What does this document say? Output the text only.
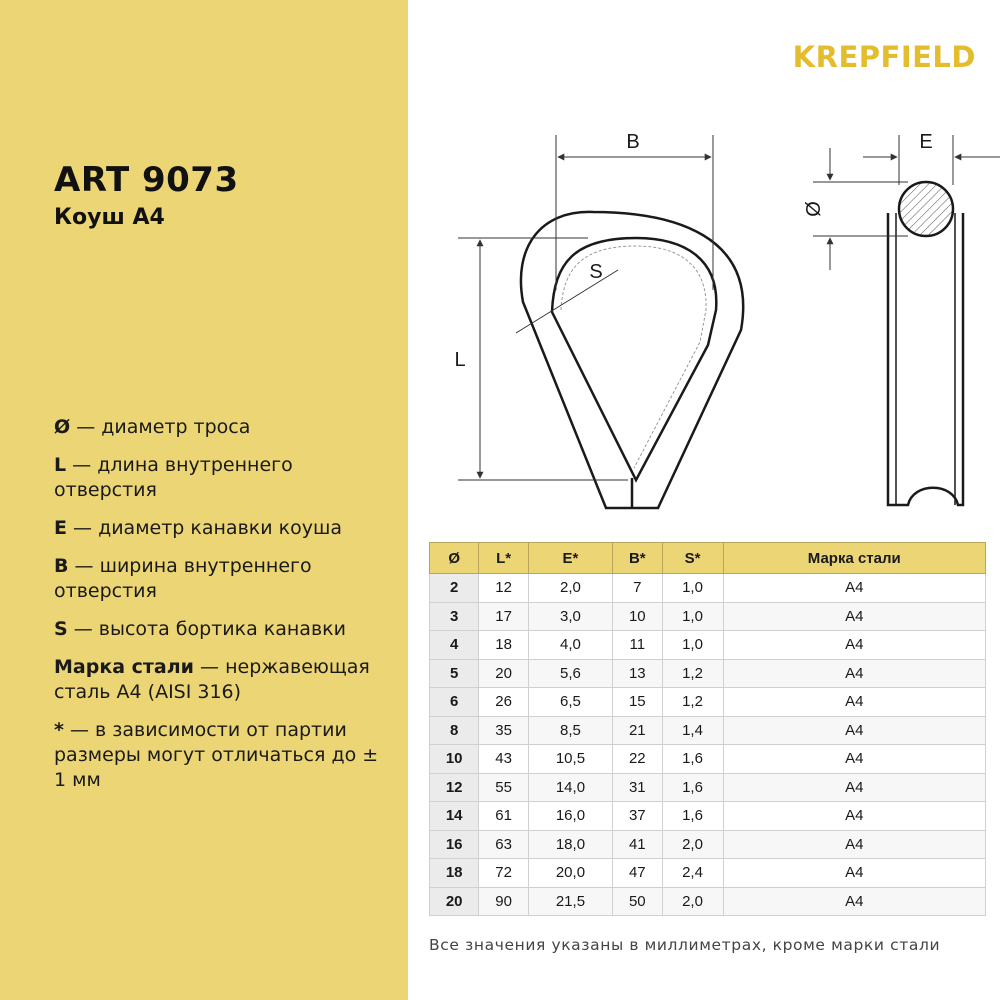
ART 9073
Коуш А4
Ø — диаметр троса
L — длина внутреннего отверстия
E — диаметр канавки коуша
B — ширина внутреннего отверстия
S — высота бортика канавки
Марка стали — нержавеющая сталь А4 (AISI 316)
* — в зависимости от партии размеры могут отличаться до ± 1 мм
KREPFIELD
B
L
S
E
Ø
Ø	L*	E*	B*	S*	Марка стали
2	12	2,0	7	1,0	A4
3	17	3,0	10	1,0	A4
4	18	4,0	11	1,0	A4
5	20	5,6	13	1,2	A4
6	26	6,5	15	1,2	A4
8	35	8,5	21	1,4	A4
10	43	10,5	22	1,6	A4
12	55	14,0	31	1,6	A4
14	61	16,0	37	1,6	A4
16	63	18,0	41	2,0	A4
18	72	20,0	47	2,4	A4
20	90	21,5	50	2,0	A4
Все значения указаны в миллиметрах, кроме марки стали
